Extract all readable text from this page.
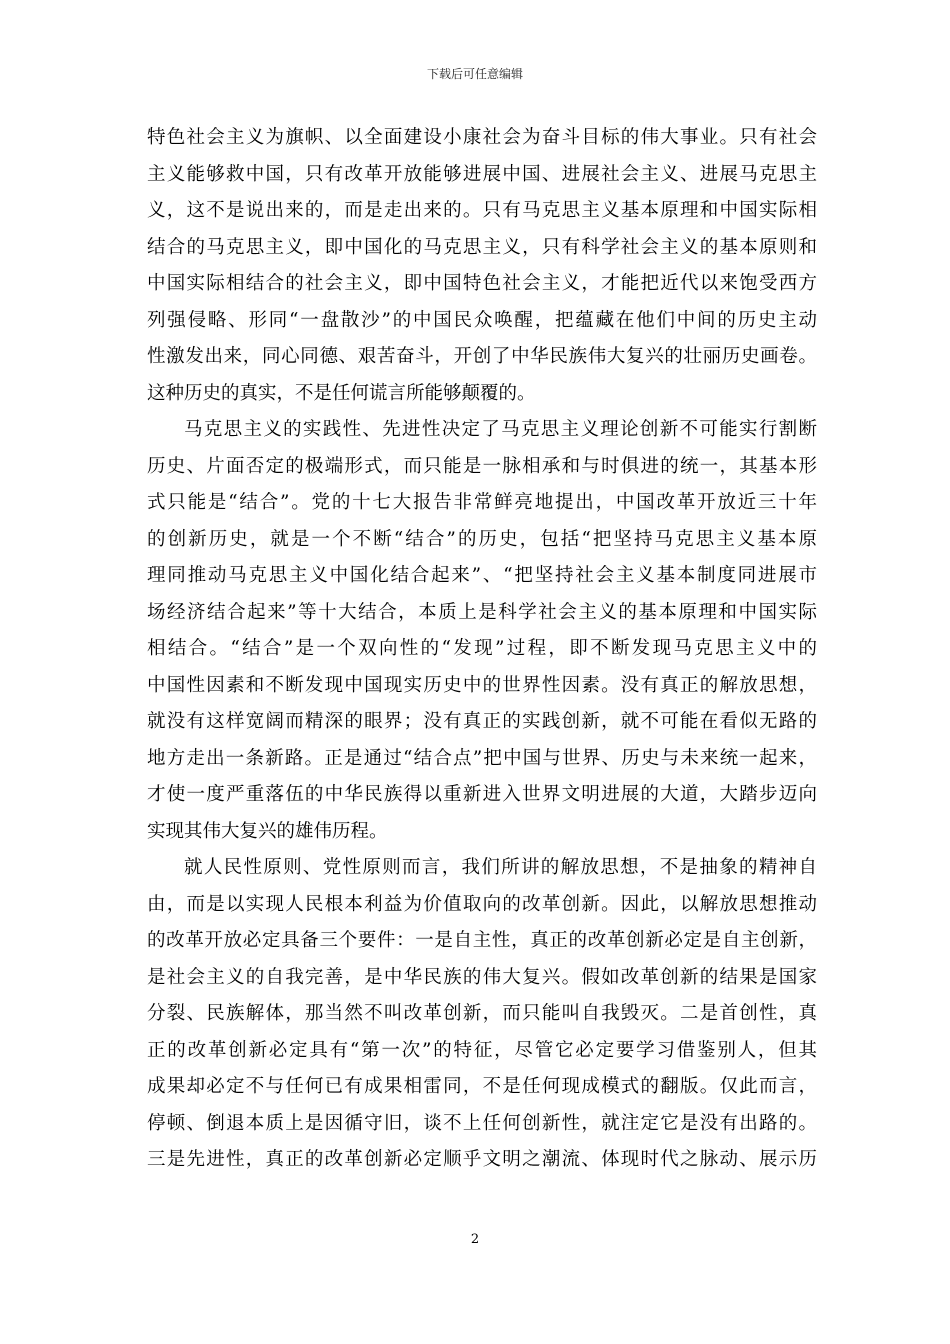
下载后可任意编辑
特色社会主义为旗帜、以全面建设小康社会为奋斗目标的伟大事业。只有社会
主义能够救中国，只有改革开放能够进展中国、进展社会主义、进展马克思主
义，这不是说出来的，而是走出来的。只有马克思主义基本原理和中国实际相
结合的马克思主义，即中国化的马克思主义，只有科学社会主义的基本原则和
中国实际相结合的社会主义，即中国特色社会主义，才能把近代以来饱受西方
列强侵略、形同“一盘散沙”的中国民众唤醒，把蕴藏在他们中间的历史主动
性激发出来，同心同德、艰苦奋斗，开创了中华民族伟大复兴的壮丽历史画卷。
这种历史的真实，不是任何谎言所能够颠覆的。
马克思主义的实践性、先进性决定了马克思主义理论创新不可能实行割断
历史、片面否定的极端形式，而只能是一脉相承和与时俱进的统一，其基本形
式只能是“结合”。党的十七大报告非常鲜亮地提出，中国改革开放近三十年
的创新历史，就是一个不断“结合”的历史，包括“把坚持马克思主义基本原
理同推动马克思主义中国化结合起来”、“把坚持社会主义基本制度同进展市
场经济结合起来”等十大结合，本质上是科学社会主义的基本原理和中国实际
相结合。“结合”是一个双向性的“发现”过程，即不断发现马克思主义中的
中国性因素和不断发现中国现实历史中的世界性因素。没有真正的解放思想，
就没有这样宽阔而精深的眼界；没有真正的实践创新，就不可能在看似无路的
地方走出一条新路。正是通过“结合点”把中国与世界、历史与未来统一起来，
才使一度严重落伍的中华民族得以重新进入世界文明进展的大道，大踏步迈向
实现其伟大复兴的雄伟历程。
就人民性原则、党性原则而言，我们所讲的解放思想，不是抽象的精神自
由，而是以实现人民根本利益为价值取向的改革创新。因此，以解放思想推动
的改革开放必定具备三个要件：一是自主性，真正的改革创新必定是自主创新，
是社会主义的自我完善，是中华民族的伟大复兴。假如改革创新的结果是国家
分裂、民族解体，那当然不叫改革创新，而只能叫自我毁灭。二是首创性，真
正的改革创新必定具有“第一次”的特征，尽管它必定要学习借鉴别人，但其
成果却必定不与任何已有成果相雷同，不是任何现成模式的翻版。仅此而言，
停顿、倒退本质上是因循守旧，谈不上任何创新性，就注定它是没有出路的。
三是先进性，真正的改革创新必定顺乎文明之潮流、体现时代之脉动、展示历
2
